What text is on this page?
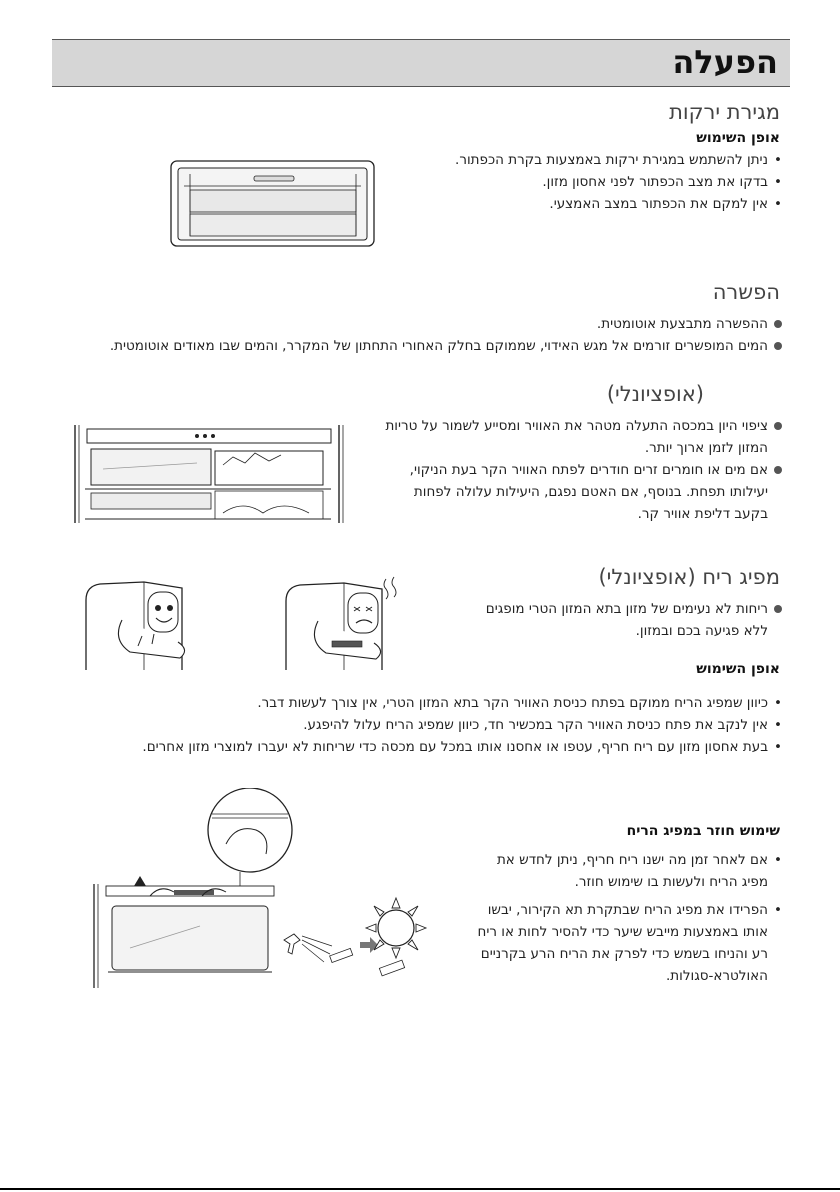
הפעלה
מגירת ירקות
אופן השימוש
•
ניתן להשתמש במגירת ירקות באמצעות בקרת הכפתור.
•
בדקו את מצב הכפתור לפני אחסון מזון.
•
אין למקם את הכפתור במצב האמצעי.
הפשרה
ההפשרה מתבצעת אוטומטית.
המים המופשרים זורמים אל מגש האידוי, שממוקם בחלק האחורי התחתון של המקרר, והמים שבו מאודים אוטומטית.
(אופציונלי)
ציפוי היון במכסה התעלה מטהר את האוויר ומסייע לשמור על טריות המזון לזמן ארוך יותר.
אם מים או חומרים זרים חודרים לפתח האוויר הקר בעת הניקוי, יעילותו תפחת. בנוסף, אם האטם נפגם, היעילות עלולה לפחות בקעב דליפת אוויר קר.
מפיג ריח (אופציונלי)
ריחות לא נעימים של מזון בתא המזון הטרי מופגים ללא פגיעה בכם ובמזון.
אופן השימוש
•
כיוון שמפיג הריח ממוקם בפתח כניסת האוויר הקר בתא המזון הטרי, אין צורך לעשות דבר.
•
אין לנקב את פתח כניסת האוויר הקר במכשיר חד, כיוון שמפיג הריח עלול להיפגע.
•
בעת אחסון מזון עם ריח חריף, עטפו או אחסנו אותו במכל עם מכסה כדי שריחות לא יעברו למוצרי מזון אחרים.
שימוש חוזר במפיג הריח
•
אם לאחר זמן מה ישנו ריח חריף, ניתן לחדש את מפיג הריח ולעשות בו שימוש חוזר.
•
הפרידו את מפיג הריח שבתקרת תא הקירור, יבשו אותו באמצעות מייבש שיער כדי להסיר לחות או ריח רע והניחו בשמש כדי לפרק את הריח הרע בקרניים האולטרא-סגולות.
